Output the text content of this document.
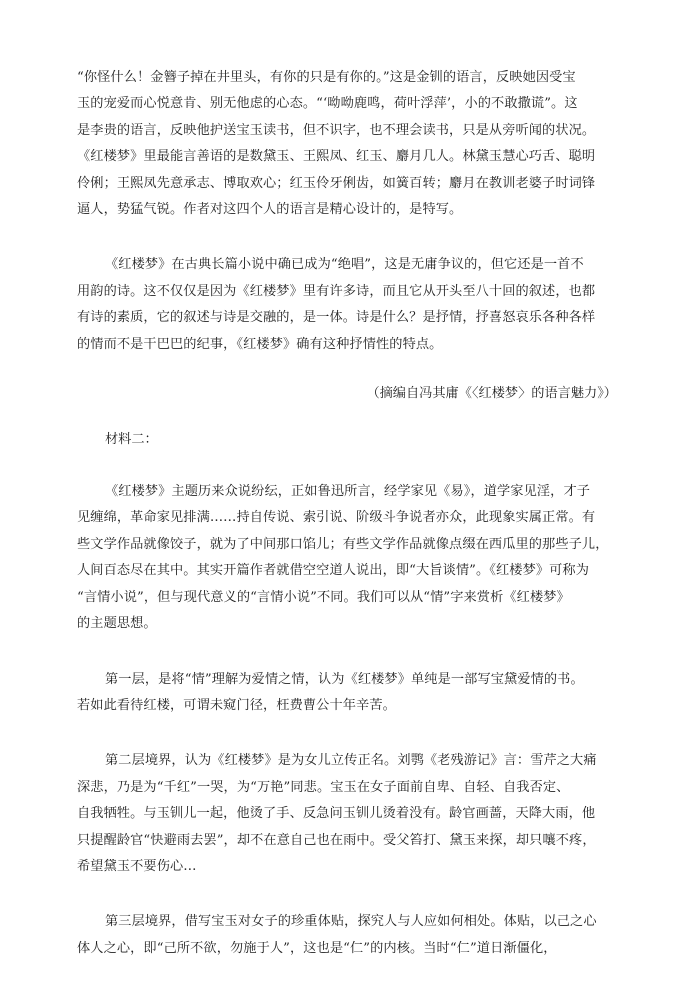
“你怪什么！金簪子掉在井里头，有你的只是有你的。”这是金钏的语言，反映她因受宝
玉的宠爱而心悦意肯、别无他虑的心态。“‘呦呦鹿鸣，荷叶浮萍’，小的不敢撒谎”。这
是李贵的语言，反映他护送宝玉读书，但不识字，也不理会读书，只是从旁听闻的状况。
《红楼梦》里最能言善语的是数黛玉、王熙凤、红玉、麝月几人。林黛玉慧心巧舌、聪明
伶俐；王熙凤先意承志、博取欢心；红玉伶牙俐齿，如簧百转；麝月在教训老婆子时词锋
逼人，势猛气锐。作者对这四个人的语言是精心设计的，是特写。

《红楼梦》在古典长篇小说中确已成为“绝唱”，这是无庸争议的，但它还是一首不
用韵的诗。这不仅仅是因为《红楼梦》里有许多诗，而且它从开头至八十回的叙述，也都
有诗的素质，它的叙述与诗是交融的，是一体。诗是什么？是抒情，抒喜怒哀乐各种各样
的情而不是干巴巴的纪事，《红楼梦》确有这种抒情性的特点。

（摘编自冯其庸《〈红楼梦〉的语言魅力》）
材料二：

《红楼梦》主题历来众说纷纭，正如鲁迅所言，经学家见《易》，道学家见淫，才子
见缠绵，革命家见排满……持自传说、索引说、阶级斗争说者亦众，此现象实属正常。有
些文学作品就像饺子，就为了中间那口馅儿；有些文学作品就像点缀在西瓜里的那些子儿，
人间百态尽在其中。其实开篇作者就借空空道人说出，即“大旨谈情”。《红楼梦》可称为
“言情小说”，但与现代意义的“言情小说”不同。我们可以从“情”字来赏析《红楼梦》
的主题思想。

第一层，是将“情”理解为爱情之情，认为《红楼梦》单纯是一部写宝黛爱情的书。
若如此看待红楼，可谓未窥门径，枉费曹公十年辛苦。

第二层境界，认为《红楼梦》是为女儿立传正名。刘鹗《老残游记》言：雪芹之大痛
深悲，乃是为“千红”一哭，为“万艳”同悲。宝玉在女子面前自卑、自轻、自我否定、
自我牺牲。与玉钏儿一起，他烫了手、反急问玉钏儿烫着没有。龄官画蔷，天降大雨，他
只提醒龄官“快避雨去罢”，却不在意自己也在雨中。受父笞打、黛玉来探，却只嚷不疼，
希望黛玉不要伤心…

第三层境界，借写宝玉对女子的珍重体贴，探究人与人应如何相处。体贴，以己之心
体人之心，即“己所不欲，勿施于人”，这也是“仁”的内核。当时“仁”道日渐僵化，
